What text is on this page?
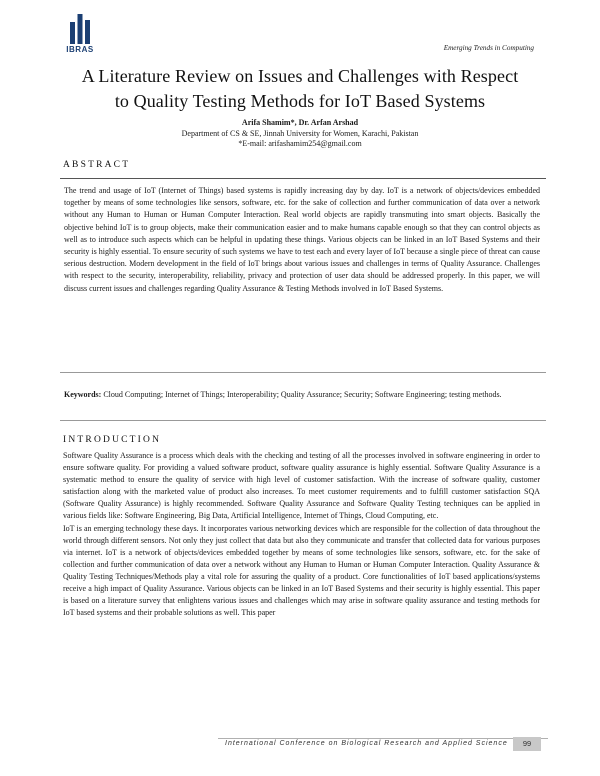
IBRAS	Emerging Trends in Computing
A Literature Review on Issues and Challenges with Respect
to Quality Testing Methods for IoT Based Systems
Arifa Shamim*, Dr. Arfan Arshad
Department of CS & SE, Jinnah University for Women, Karachi, Pakistan
*E-mail: arifashamim254@gmail.com
ABSTRACT

The trend and usage of IoT (Internet of Things) based systems is rapidly increasing day by day. IoT is a network of objects/devices embedded together by means of some technologies like sensors, software, etc. for the sake of collection and further communication of data over a network without any Human to Human or Human Computer Interaction. Real world objects are rapidly transmuting into smart objects. Basically the objective behind IoT is to group objects, make their communication easier and to make humans capable enough so that they can control objects as well as to introduce such aspects which can be helpful in updating these things. Various objects can be linked in an IoT Based Systems and their security is highly essential. To ensure security of such systems we have to test each and every layer of IoT because a single piece of threat can cause serious destruction. Modern development in the field of IoT brings about various issues and challenges in terms of Quality Assurance. Challenges with respect to the security, interoperability, reliability, privacy and protection of user data should be addressed properly. In this paper, we will discuss current issues and challenges regarding Quality Assurance & Testing Methods involved in IoT Based Systems.

Keywords: Cloud Computing; Internet of Things; Interoperability; Quality Assurance; Security; Software Engineering; testing methods.

INTRODUCTION

Software Quality Assurance is a process which deals with the checking and testing of all the processes involved in software engineering in order to ensure software quality. For providing a valued software product, software quality assurance is highly essential. Software Quality Assurance is a systematic method to ensure the quality of service with high level of customer satisfaction. With the increase of software quality, customer satisfaction along with the marketed value of product also increases. To meet customer requirements and to fulfill customer satisfaction SQA (Software Quality Assurance) is highly recommended. Software Quality Assurance and Software Quality Testing techniques can be applied in various fields like: Software Engineering, Big Data, Artificial Intelligence, Internet of Things, Cloud Computing, etc.

IoT is an emerging technology these days. It incorporates various networking devices which are responsible for the collection of data throughout the world through different sensors. Not only they just collect that data but also they communicate and transfer that collected data for various purposes via internet. IoT is a network of objects/devices embedded together by means of some technologies like sensors, software, etc. for the sake of collection and further communication of data over a network without any Human to Human or Human Computer Interaction. Quality Assurance & Quality Testing Techniques/Methods play a vital role for assuring the quality of a product. Core functionalities of IoT based applications/systems receive a high impact of Quality Assurance. Various objects can be linked in an IoT Based Systems and their security is highly essential. This paper is based on a literature survey that enlightens various issues and challenges which may arise in software quality assurance and testing methods for IoT based systems and their probable solutions as well. This paper

International Conference on Biological Research and Applied Science	99
